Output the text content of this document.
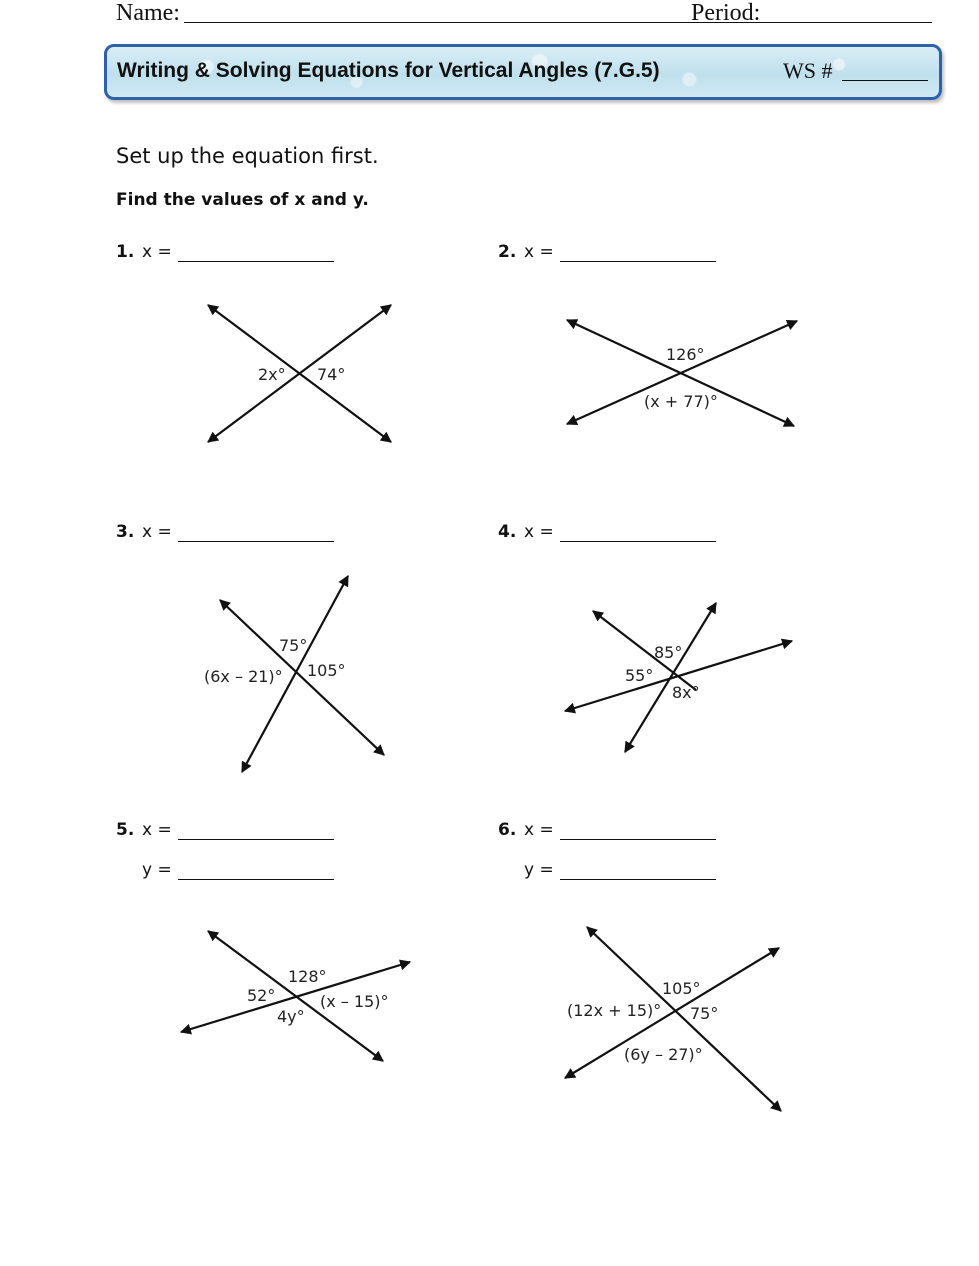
Name:	Period:
Writing & Solving Equations for Vertical Angles (7.G.5)	WS #
Set up the equation first.
Find the values of x and y.
1. x =	2. x =
3. x =	4. x =
5. x =
y =
6. x =
y =
2x° 74°
126°
(x + 77)°
75°
(6x – 21)° 105°
85°
55°
8x°
128°
52°	(x – 15)°
4y°
105°
(12x + 15)° 75°
(6y – 27)°
